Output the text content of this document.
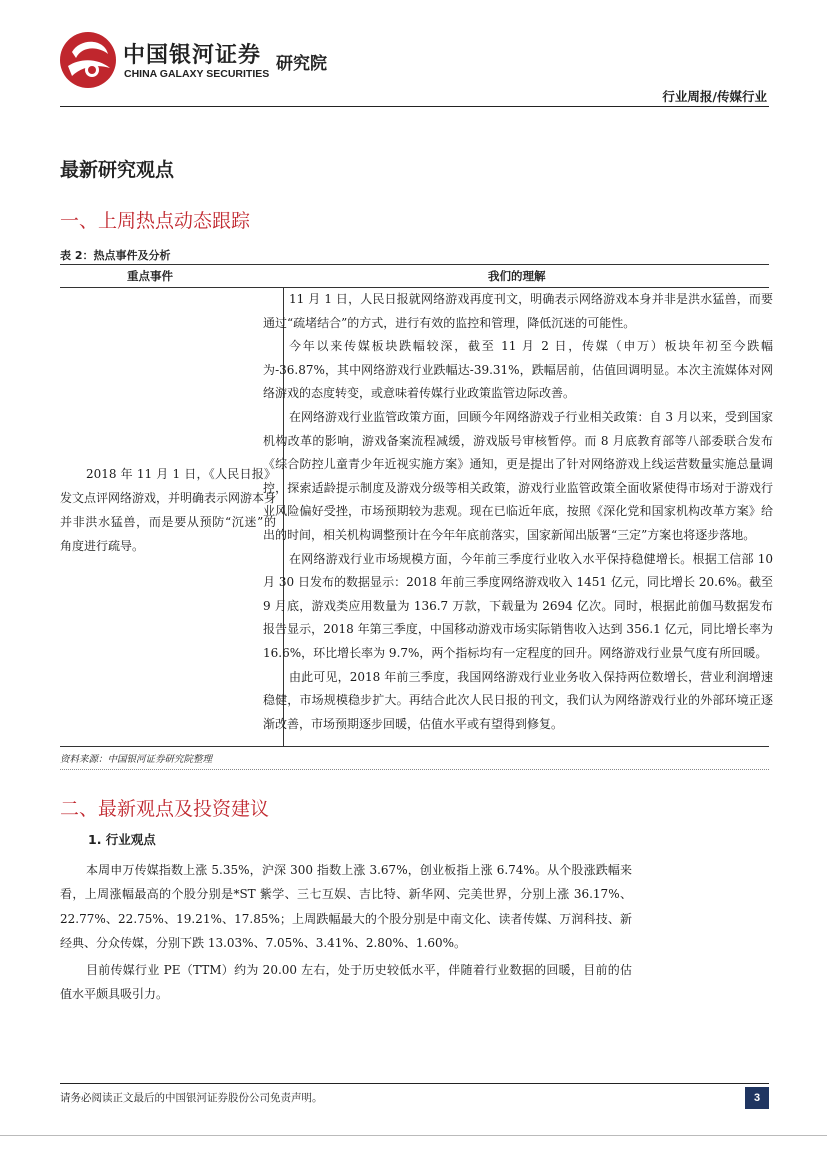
中国银河证券
CHINA GALAXY SECURITIES 研究院
行业周报/传媒行业
最新研究观点
一、上周热点动态跟踪
表 2：热点事件及分析
重点事件	我们的理解
2018 年 11 月 1 日，《人民日报》发文点评网络游戏，并明确表示网游本身并非洪水猛兽，而是要从预防“沉迷”的角度进行疏导。

11 月 1 日，人民日报就网络游戏再度刊文，明确表示网络游戏本身并非是洪水猛兽，而要通过“疏堵结合”的方式，进行有效的监控和管理，降低沉迷的可能性。

今年以来传媒板块跌幅较深，截至 11 月 2 日，传媒（申万）板块年初至今跌幅为-36.87%，其中网络游戏行业跌幅达-39.31%，跌幅居前，估值回调明显。本次主流媒体对网络游戏的态度转变，或意味着传媒行业政策监管边际改善。

在网络游戏行业监管政策方面，回顾今年网络游戏子行业相关政策：自 3 月以来，受到国家机构改革的影响，游戏备案流程减缓，游戏版号审核暂停。而 8 月底教育部等八部委联合发布《综合防控儿童青少年近视实施方案》通知，更是提出了针对网络游戏上线运营数量实施总量调控，探索适龄提示制度及游戏分级等相关政策，游戏行业监管政策全面收紧使得市场对于游戏行业风险偏好受挫，市场预期较为悲观。现在已临近年底，按照《深化党和国家机构改革方案》给出的时间，相关机构调整预计在今年年底前落实，国家新闻出版署“三定”方案也将逐步落地。

在网络游戏行业市场规模方面，今年前三季度行业收入水平保持稳健增长。根据工信部 10 月 30 日发布的数据显示：2018 年前三季度网络游戏收入 1451 亿元，同比增长 20.6%。截至 9 月底，游戏类应用数量为 136.7 万款，下载量为 2694 亿次。同时，根据此前伽马数据发布报告显示，2018 年第三季度，中国移动游戏市场实际销售收入达到 356.1 亿元，同比增长率为 16.6%，环比增长率为 9.7%，两个指标均有一定程度的回升。网络游戏行业景气度有所回暖。

由此可见，2018 年前三季度，我国网络游戏行业业务收入保持两位数增长，营业利润增速稳健，市场规模稳步扩大。再结合此次人民日报的刊文，我们认为网络游戏行业的外部环境正逐渐改善，市场预期逐步回暖，估值水平或有望得到修复。

资料来源：中国银河证券研究院整理
二、最新观点及投资建议
1. 行业观点

本周申万传媒指数上涨 5.35%，沪深 300 指数上涨 3.67%，创业板指上涨 6.74%。从个股涨跌幅来看，上周涨幅最高的个股分别是*ST 紫学、三七互娱、吉比特、新华网、完美世界，分别上涨 36.17%、22.77%、22.75%、19.21%、17.85%；上周跌幅最大的个股分别是中南文化、读者传媒、万润科技、新经典、分众传媒，分别下跌 13.03%、7.05%、3.41%、2.80%、1.60%。

目前传媒行业 PE（TTM）约为 20.00 左右，处于历史较低水平，伴随着行业数据的回暖，目前的估值水平颇具吸引力。

请务必阅读正文最后的中国银河证券股份公司免责声明。	3
